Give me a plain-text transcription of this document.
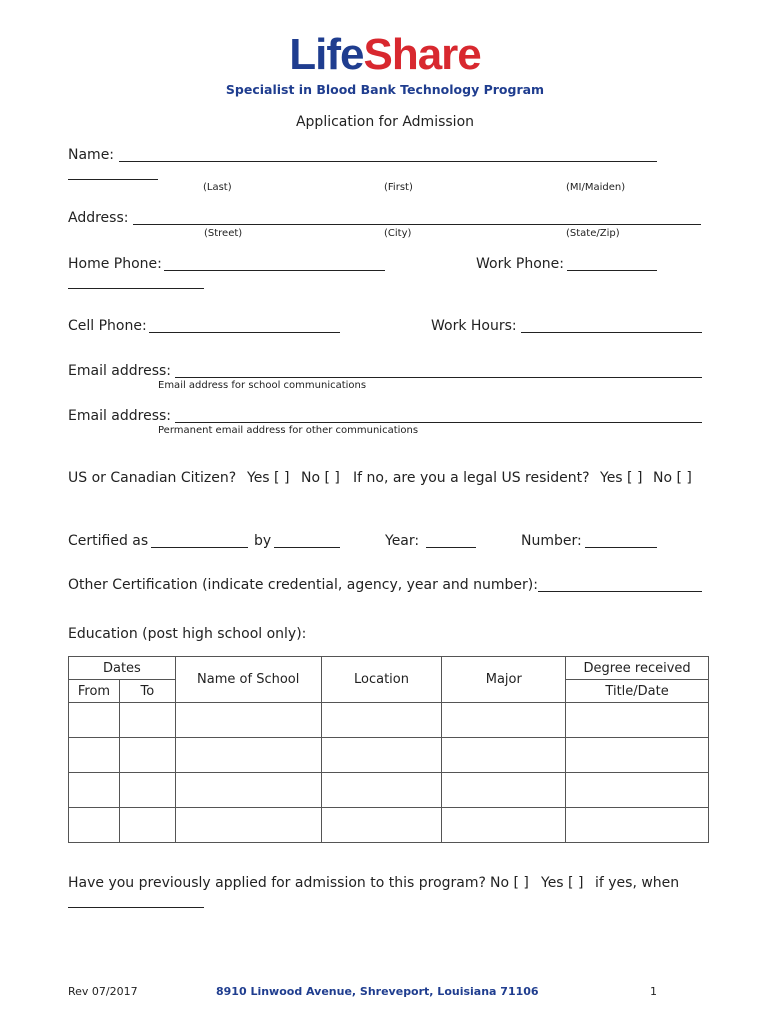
LifeShare
Specialist in Blood Bank Technology Program
Application for Admission
Name:
(Last)	(First)	(MI/Maiden)
Address:
(Street)	(City)	(State/Zip)
Home Phone:	Work Phone:
Cell Phone:	Work Hours:
Email address:
Email address for school communications
Email address:
Permanent email address for other communications
US or Canadian Citizen? Yes [ ] No [ ] If no, are you a legal US resident? Yes [ ] No [ ]
Certified as	by	Year:	Number:
Other Certification (indicate credential, agency, year and number):
Education (post high school only):
Dates		Name of School	Location	Major	Degree received
From	To				Title/Date

Have you previously applied for admission to this program? No [ ] Yes [ ] if yes, when
Rev 07/2017	8910 Linwood Avenue, Shreveport, Louisiana 71106	1
